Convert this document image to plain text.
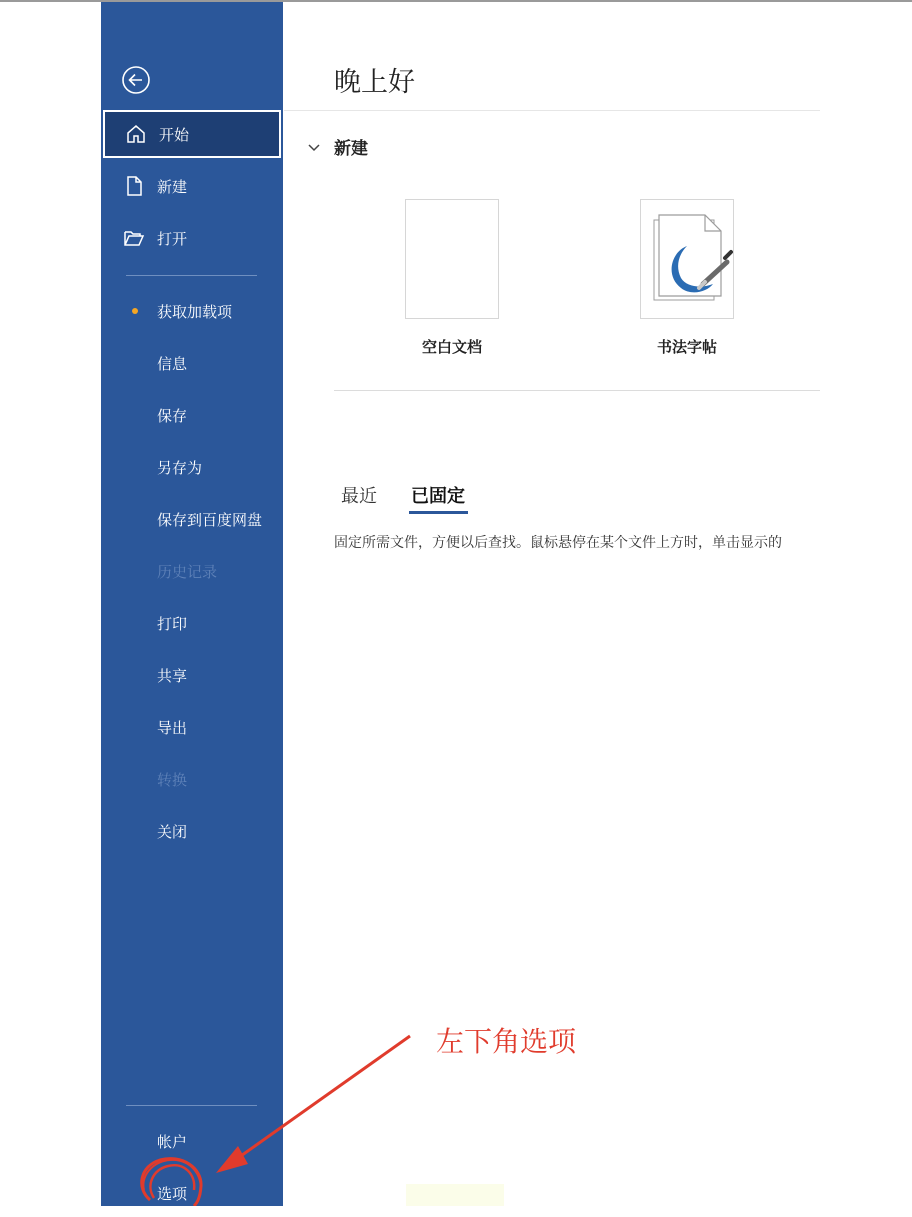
开始
新建
打开
获取加载项
信息
保存
另存为
保存到百度网盘
历史记录
打印
共享
导出
转换
关闭
帐户
选项
晚上好
新建
空白文档	书法字帖
最近 已固定
固定所需文件，方便以后查找。鼠标悬停在某个文件上方时，单击显示的
左下角选项
